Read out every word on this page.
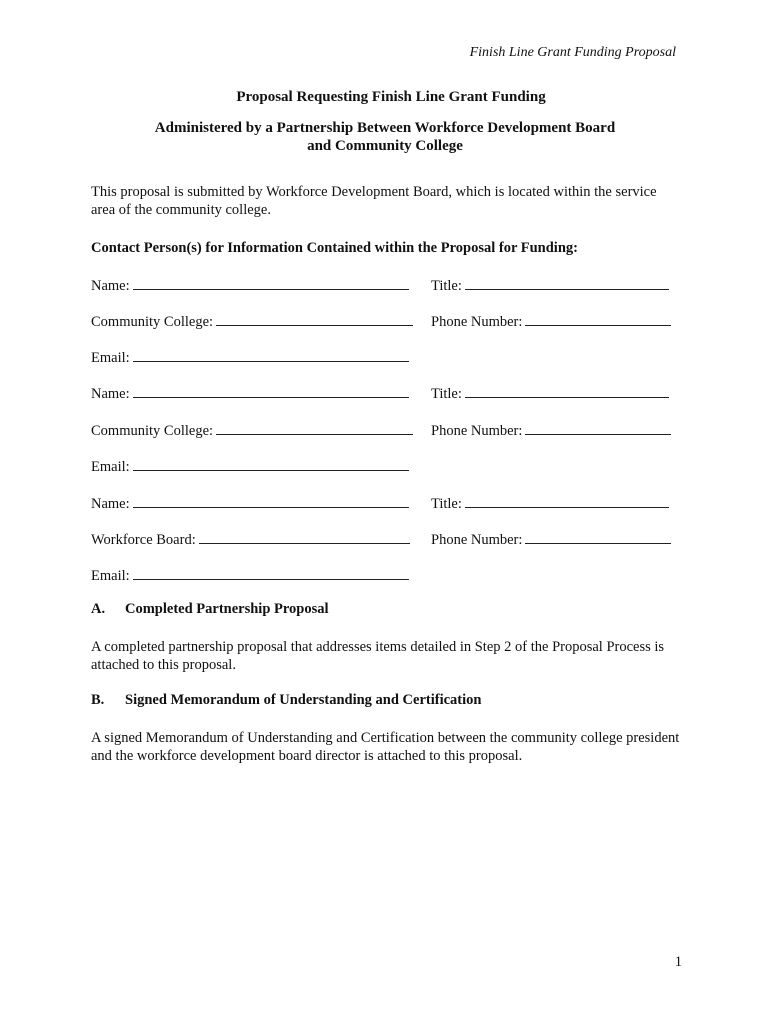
Finish Line Grant Funding Proposal
Proposal Requesting Finish Line Grant Funding
Administered by a Partnership Between Workforce Development Board
and Community College
This proposal is submitted by Workforce Development Board, which is located within the service
area of the community college.
Contact Person(s) for Information Contained within the Proposal for Funding:
Name:	Title:
Community College:	Phone Number:
Email:
Name:	Title:
Community College:	Phone Number:
Email:
Name:	Title:
Workforce Board:	Phone Number:
Email:
A. Completed Partnership Proposal
A completed partnership proposal that addresses items detailed in Step 2 of the Proposal Process is
attached to this proposal.
B. Signed Memorandum of Understanding and Certification
A signed Memorandum of Understanding and Certification between the community college president
and the workforce development board director is attached to this proposal.
1
